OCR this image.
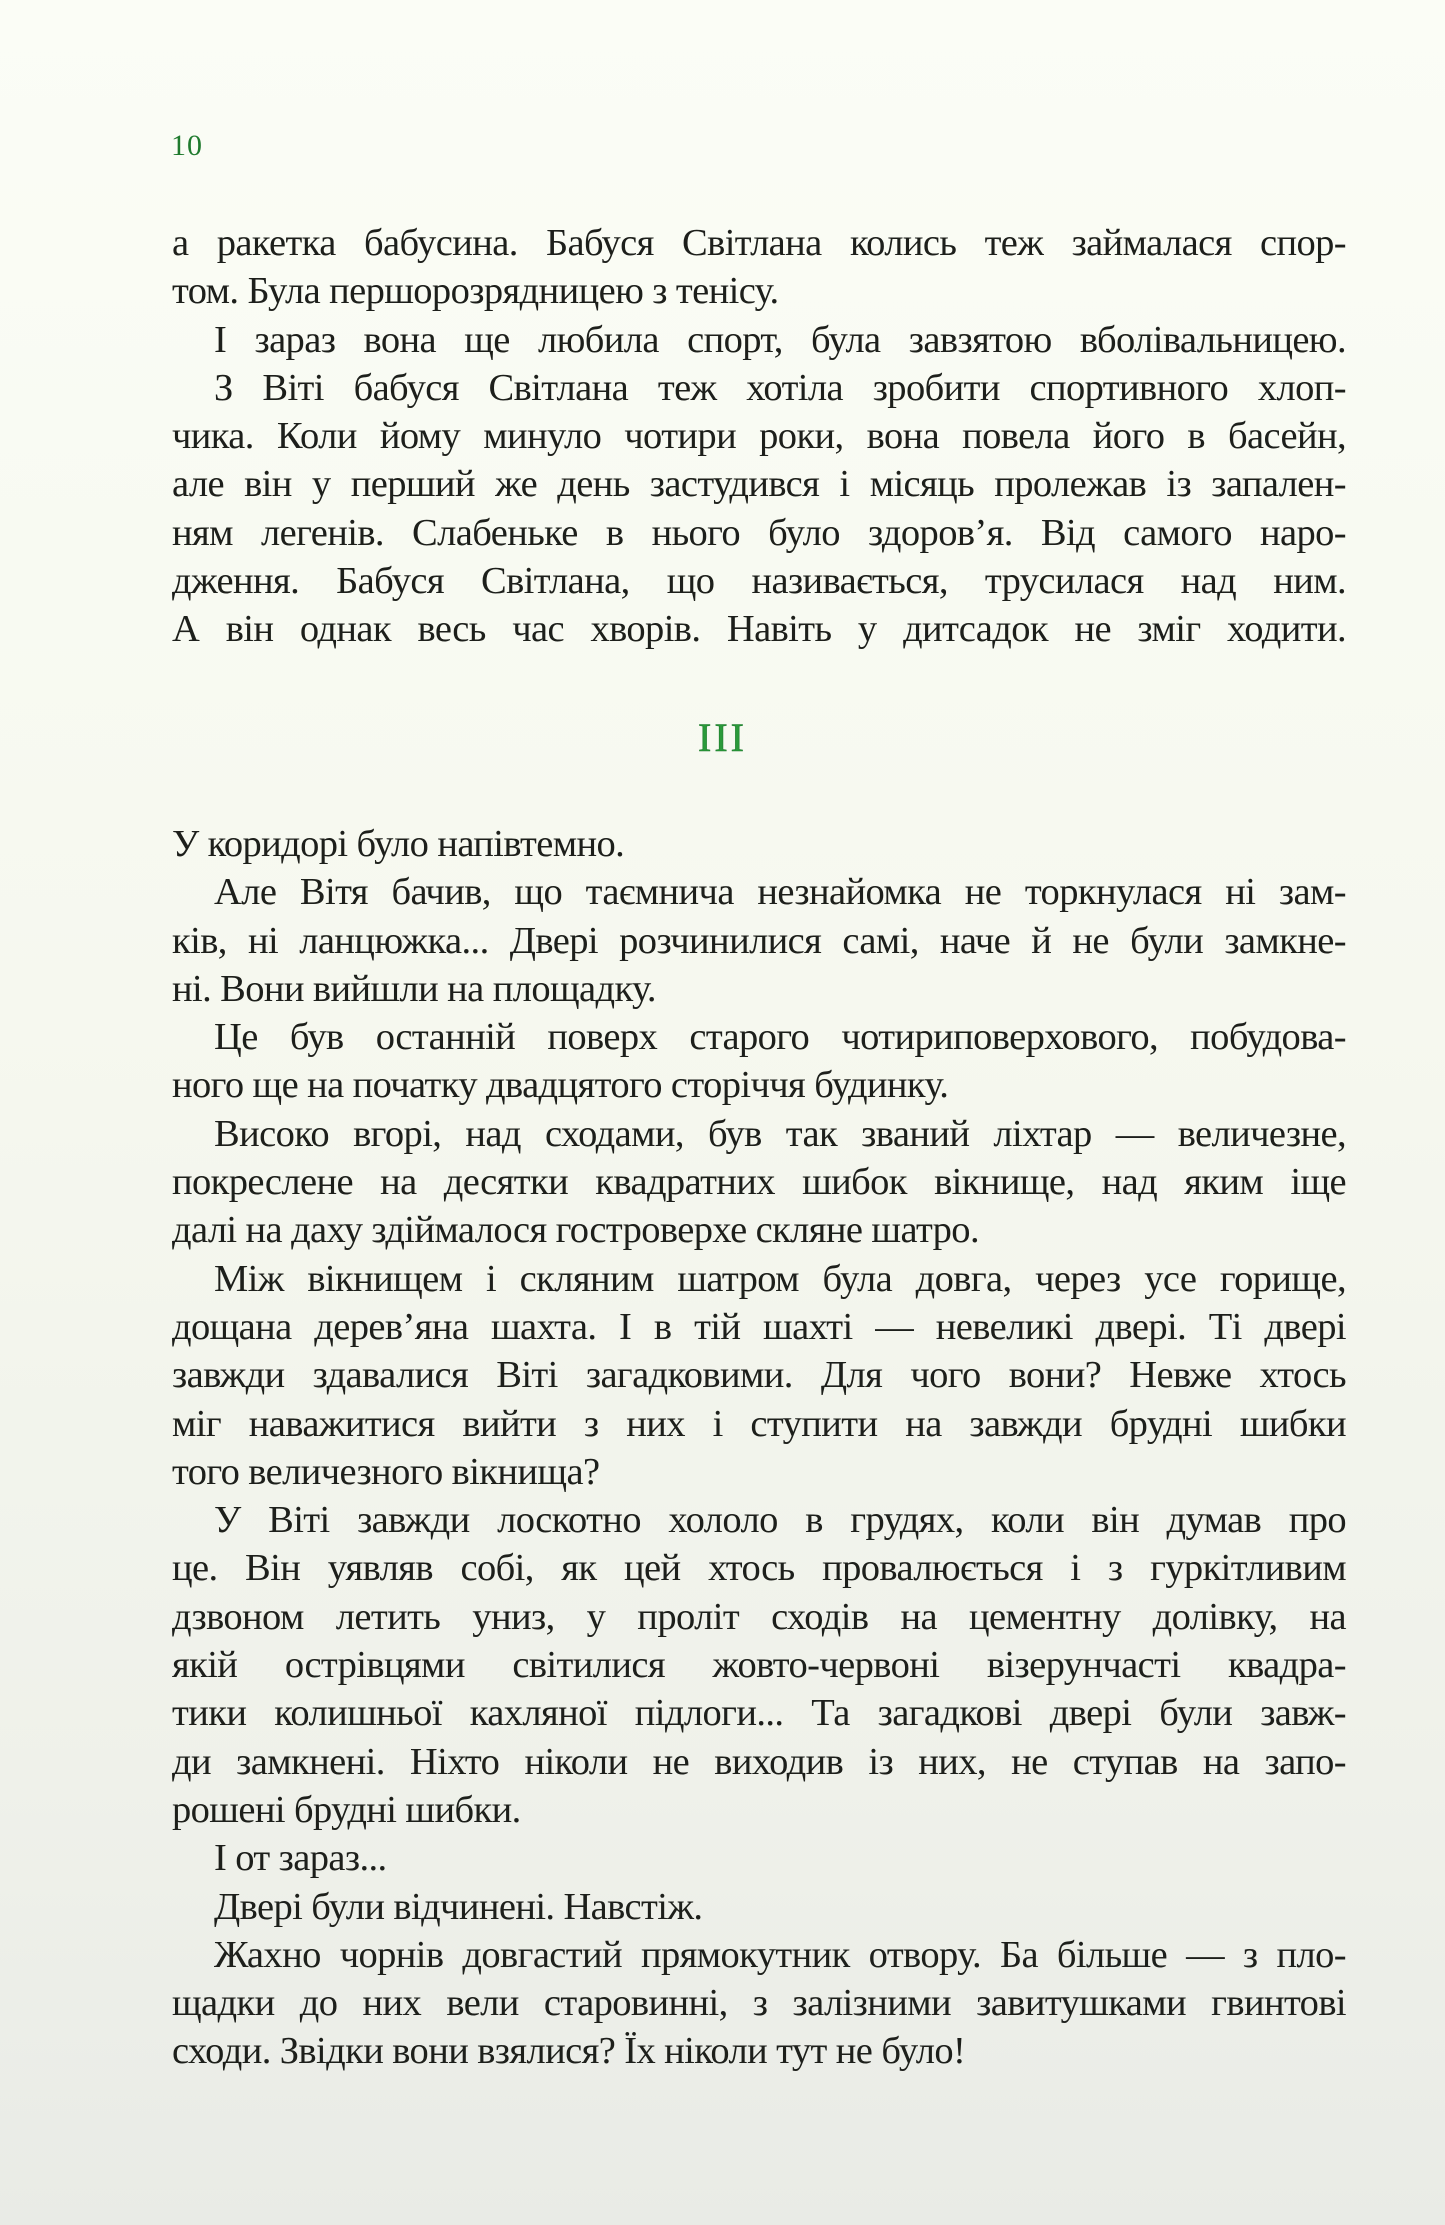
10
а ракетка бабусина. Бабуся Світлана колись теж займалася спор-
том. Була першорозрядницею з тенісу.
І зараз вона ще любила спорт, була завзятою вболівальницею.
З Віті бабуся Світлана теж хотіла зробити спортивного хлоп-
чика. Коли йому минуло чотири роки, вона повела його в басейн,
але він у перший же день застудився і місяць пролежав із запален-
ням легенів. Слабеньке в нього було здоров’я. Від самого наро-
дження. Бабуся Світлана, що називається, трусилася над ним.
А він однак весь час хворів. Навіть у дитсадок не зміг ходити.
III
У коридорі було напівтемно.
Але Вітя бачив, що таємнича незнайомка не торкнулася ні зам-
ків, ні ланцюжка... Двері розчинилися самі, наче й не були замкне-
ні. Вони вийшли на площадку.
Це був останній поверх старого чотириповерхового, побудова-
ного ще на початку двадцятого сторіччя будинку.
Високо вгорі, над сходами, був так званий ліхтар — величезне,
покреслене на десятки квадратних шибок вікнище, над яким іще
далі на даху здіймалося гостроверхе скляне шатро.
Між вікнищем і скляним шатром була довга, через усе горище,
дощана дерев’яна шахта. І в тій шахті — невеликі двері. Ті двері
завжди здавалися Віті загадковими. Для чого вони? Невже хтось
міг наважитися вийти з них і ступити на завжди брудні шибки
того величезного вікнища?
У Віті завжди лоскотно хололо в грудях, коли він думав про
це. Він уявляв собі, як цей хтось провалюється і з гуркітливим
дзвоном летить униз, у проліт сходів на цементну долівку, на
якій острівцями світилися жовто-червоні візерунчасті квадра-
тики колишньої кахляної підлоги... Та загадкові двері були завж-
ди замкнені. Ніхто ніколи не виходив із них, не ступав на запо-
рошені брудні шибки.
І от зараз...
Двері були відчинені. Навстіж.
Жахно чорнів довгастий прямокутник отвору. Ба більше — з пло-
щадки до них вели старовинні, з залізними завитушками гвинтові
сходи. Звідки вони взялися? Їх ніколи тут не було!
